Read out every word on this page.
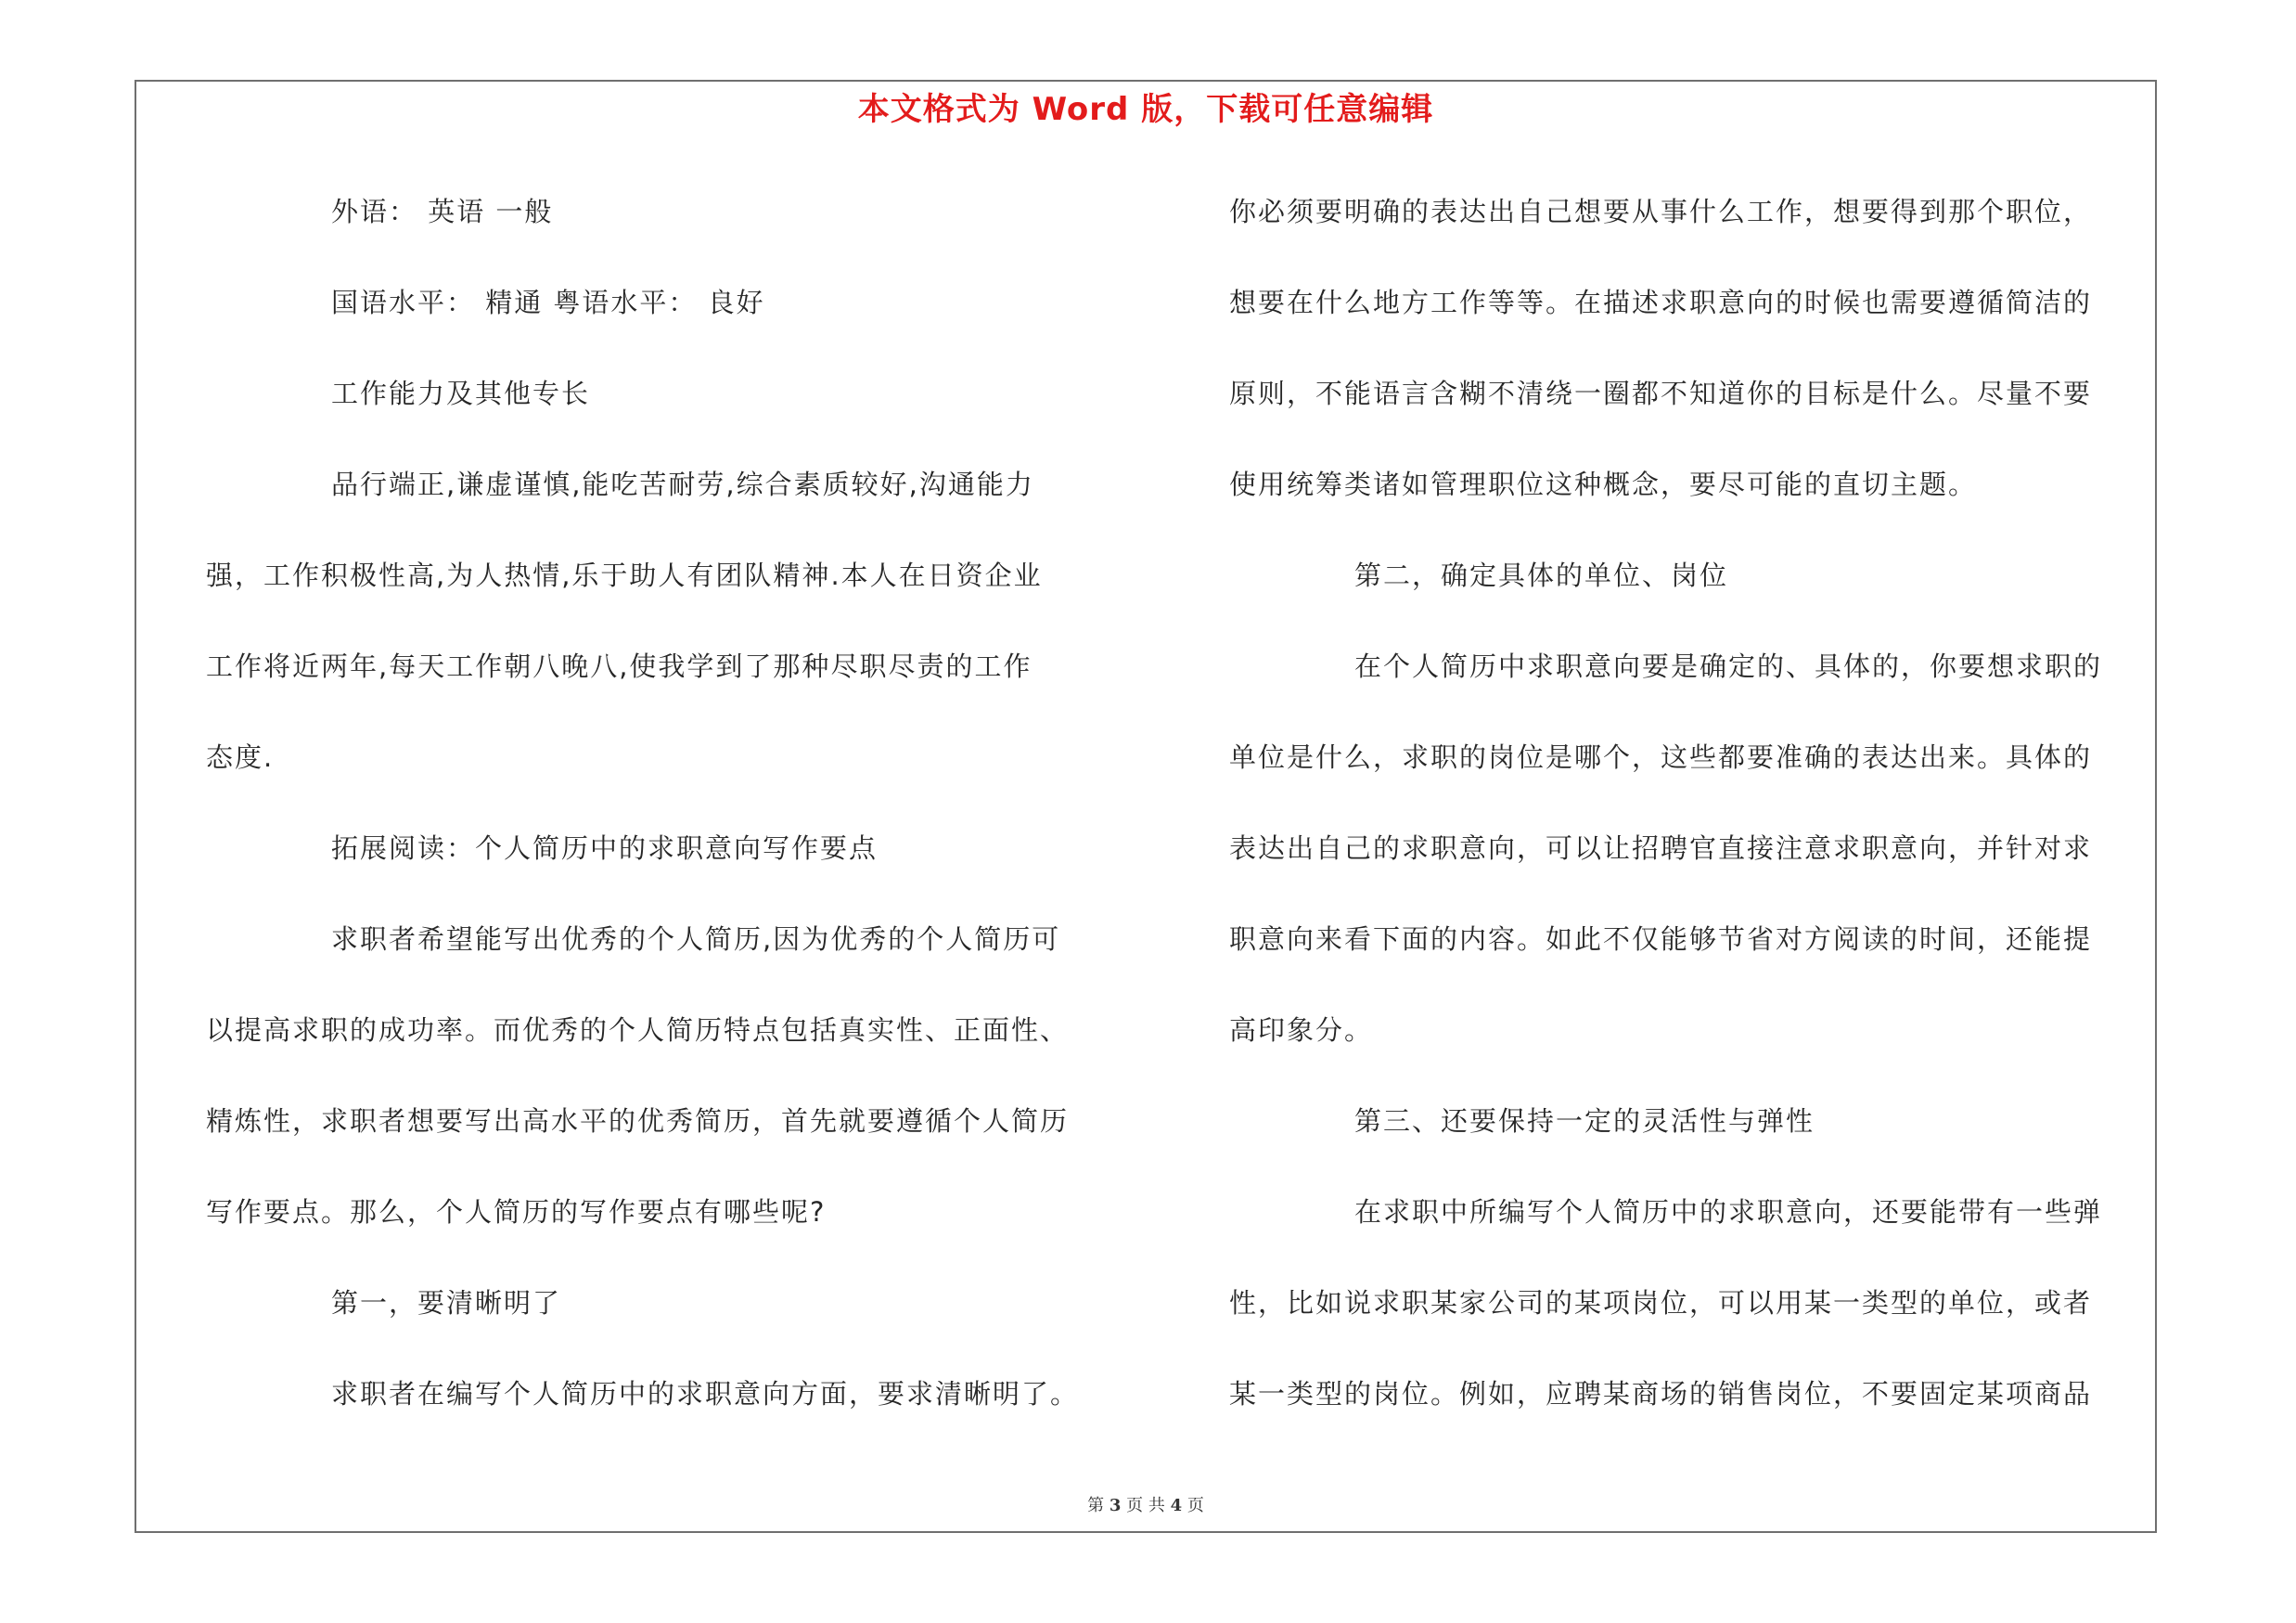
本文格式为 Word 版，下载可任意编辑
外语： 英语 一般
国语水平： 精通 粤语水平： 良好
工作能力及其他专长
品行端正,谦虚谨慎,能吃苦耐劳,综合素质较好,沟通能力
强，工作积极性高,为人热情,乐于助人有团队精神.本人在日资企业
工作将近两年,每天工作朝八晚八,使我学到了那种尽职尽责的工作
态度.
拓展阅读：个人简历中的求职意向写作要点
求职者希望能写出优秀的个人简历,因为优秀的个人简历可
以提高求职的成功率。而优秀的个人简历特点包括真实性、正面性、
精炼性，求职者想要写出高水平的优秀简历，首先就要遵循个人简历
写作要点。那么，个人简历的写作要点有哪些呢?
第一，要清晰明了
求职者在编写个人简历中的求职意向方面，要求清晰明了。
你必须要明确的表达出自己想要从事什么工作，想要得到那个职位，
想要在什么地方工作等等。在描述求职意向的时候也需要遵循简洁的
原则，不能语言含糊不清绕一圈都不知道你的目标是什么。尽量不要
使用统筹类诸如管理职位这种概念，要尽可能的直切主题。
第二，确定具体的单位、岗位
在个人简历中求职意向要是确定的、具体的，你要想求职的
单位是什么，求职的岗位是哪个，这些都要准确的表达出来。具体的
表达出自己的求职意向，可以让招聘官直接注意求职意向，并针对求
职意向来看下面的内容。如此不仅能够节省对方阅读的时间，还能提
高印象分。
第三、还要保持一定的灵活性与弹性
在求职中所编写个人简历中的求职意向，还要能带有一些弹
性，比如说求职某家公司的某项岗位，可以用某一类型的单位，或者
某一类型的岗位。例如，应聘某商场的销售岗位，不要固定某项商品
第 3 页 共 4 页
